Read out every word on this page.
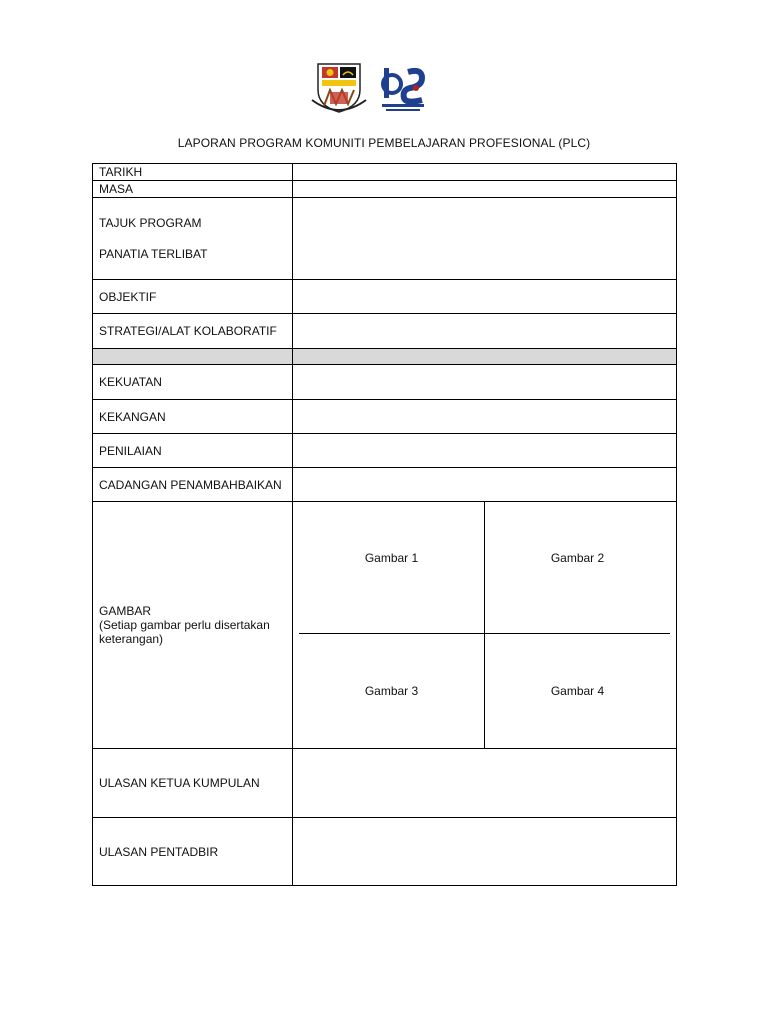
LAPORAN PROGRAM KOMUNITI PEMBELAJARAN PROFESIONAL (PLC)
TARIKH	
MASA	

TAJUK PROGRAM
PANATIA TERLIBAT

OBJEKTIF	
STRATEGI/ALAT KOLABORATIF	

KEKUATAN	
KEKANGAN	
PENILAIAN	
CADANGAN PENAMBAHBAIKAN	

GAMBAR
(Setiap gambar perlu disertakan keterangan)

Gambar 1	Gambar 2
Gambar 3	Gambar 4

ULASAN KETUA KUMPULAN	
ULASAN PENTADBIR	
